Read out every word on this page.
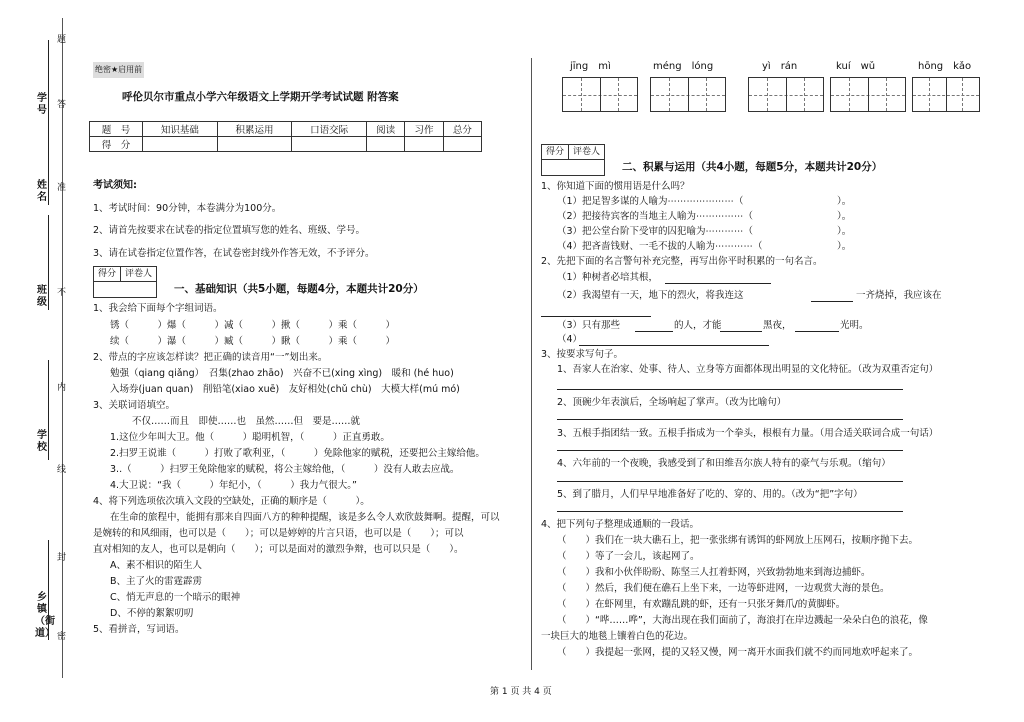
学号
姓名
班级
学校
乡镇（街道）
题
答
准
不
内
线
封
密
绝密★启用前
呼伦贝尔市重点小学六年级语文上学期开学考试试题 附答案
题　号	知识基础	积累运用	口语交际	阅读	习作	总分
得　分						
考试须知:
1、考试时间：90分钟，本卷满分为100分。
2、请首先按要求在试卷的指定位置填写您的姓名、班级、学号。
3、请在试卷指定位置作答，在试卷密封线外作答无效，不予评分。
得分	评卷人
一、基础知识（共5小题，每题4分，本题共计20分）
1、我会给下面每个字组词语。
锈（　　　）爆（　　　）减（　　　）揪（　　　）乘（　　　）
续（　　　）瀑（　　　）臧（　　　）瞅（　　　）乘（　　　）
2、带点的字应该怎样读？把正确的读音用“一”划出来。
勉强（qiang qiǎng）　召集(zhao zhāo)　兴奋不已(xing xìng)　暖和 (hé huo)
入场券(juan quan)　削铅笔(xiao xuē)　友好相处(chǔ chù)　大模大样(mú mó)
3、关联词语填空。
不仅……而且　即使……也　虽然……但　要是……就
1.这位少年叫大卫。他（　　　）聪明机智，（　　　）正直勇敢。
2.扫罗王说谁（　　　）打败了歌利亚，（　　　）免除他家的赋税，还要把公主嫁给他。
3..（　　　）扫罗王免除他家的赋税，将公主嫁给他，（　　　）没有人敢去应战。
4.大卫说：“我（　　　）年纪小，（　　　）我力气很大。”
4、将下列选项依次填入文段的空缺处，正确的顺序是（　　　）。
在生命的旅程中，能拥有那来自四面八方的种种提醒，该是多么令人欢欣鼓舞啊。提醒，可以
是婉转的和风细雨，也可以是（　　）；可以是婷婷的片言只语，也可以是（　　）；可以
直对相知的友人，也可以是朝向（　　）；可以是面对的激烈争辩，也可以只是（　　）。
A、素不相识的陌生人
B、主了火的雷霆霹雳
C、悄无声息的一个暗示的眼神
D、不停的絮絮叨叨
5、看拼音，写词语。
jīng　mì	méng　lóng	yì　rán	kuí　wǔ	hōng　kǎo
得分	评卷人
二、积累与运用（共4小题，每题5分，本题共计20分）
1、你知道下面的惯用语是什么吗？
（1）把足智多谋的人喻为⋯⋯⋯⋯⋯⋯⋯（
（2）把接待宾客的当地主人喻为⋯⋯⋯⋯⋯（
（3）把公堂台阶下受审的囚犯喻为⋯⋯⋯⋯（
（4）把吝啬钱财、一毛不拔的人喻为⋯⋯⋯⋯（
）。
）。
）。
）。
2、先把下面的名言警句补充完整，再写出你平时积累的一句名言。
（1）种树者必培其根，
（2）我渴望有一天，地下的烈火，将我连这	一齐烧掉，我应该在
（3）只有那些	的人，才能	黑夜，	光明。
（4）
3、按要求写句子。
1、吾家人在治家、处事、待人、立身等方面都体现出明显的文化特征。（改为双重否定句）
2、顶碗少年表演后，全场响起了掌声。（改为比喻句）
3、五根手指团结一致。五根手指成为一个拳头，根根有力量。（用合适关联词合成一句话）
4、六年前的一个夜晚，我感受到了和田维吾尔族人特有的豪气与乐观。（缩句）
5、到了腊月，人们早早地准备好了吃的、穿的、用的。（改为“把”字句）
4、把下列句子整理成通顺的一段话。
（　　）我们在一块大礁石上，把一张张绑有诱饵的虾网放上压网石，按顺序抛下去。
（　　）等了一会儿，该起网了。
（　　）我和小伙伴盼盼、陈坚三人扛着虾网，兴致勃勃地来到海边捕虾。
（　　）然后，我们便在礁石上坐下来，一边等虾进网，一边观赏大海的景色。
（　　）在虾网里，有欢蹦乱跳的虾，还有一只张牙舞爪/的黄脚虾。
（　　）“哗……哗”，大海出现在我们面前了，海浪打在岸边溅起一朵朵白色的浪花，像
一块巨大的地毯上镶着白色的花边。
（　　）我提起一张网，提的又轻又慢，网一离开水面我们就不约而同地欢呼起来了。
第 1 页 共 4 页
